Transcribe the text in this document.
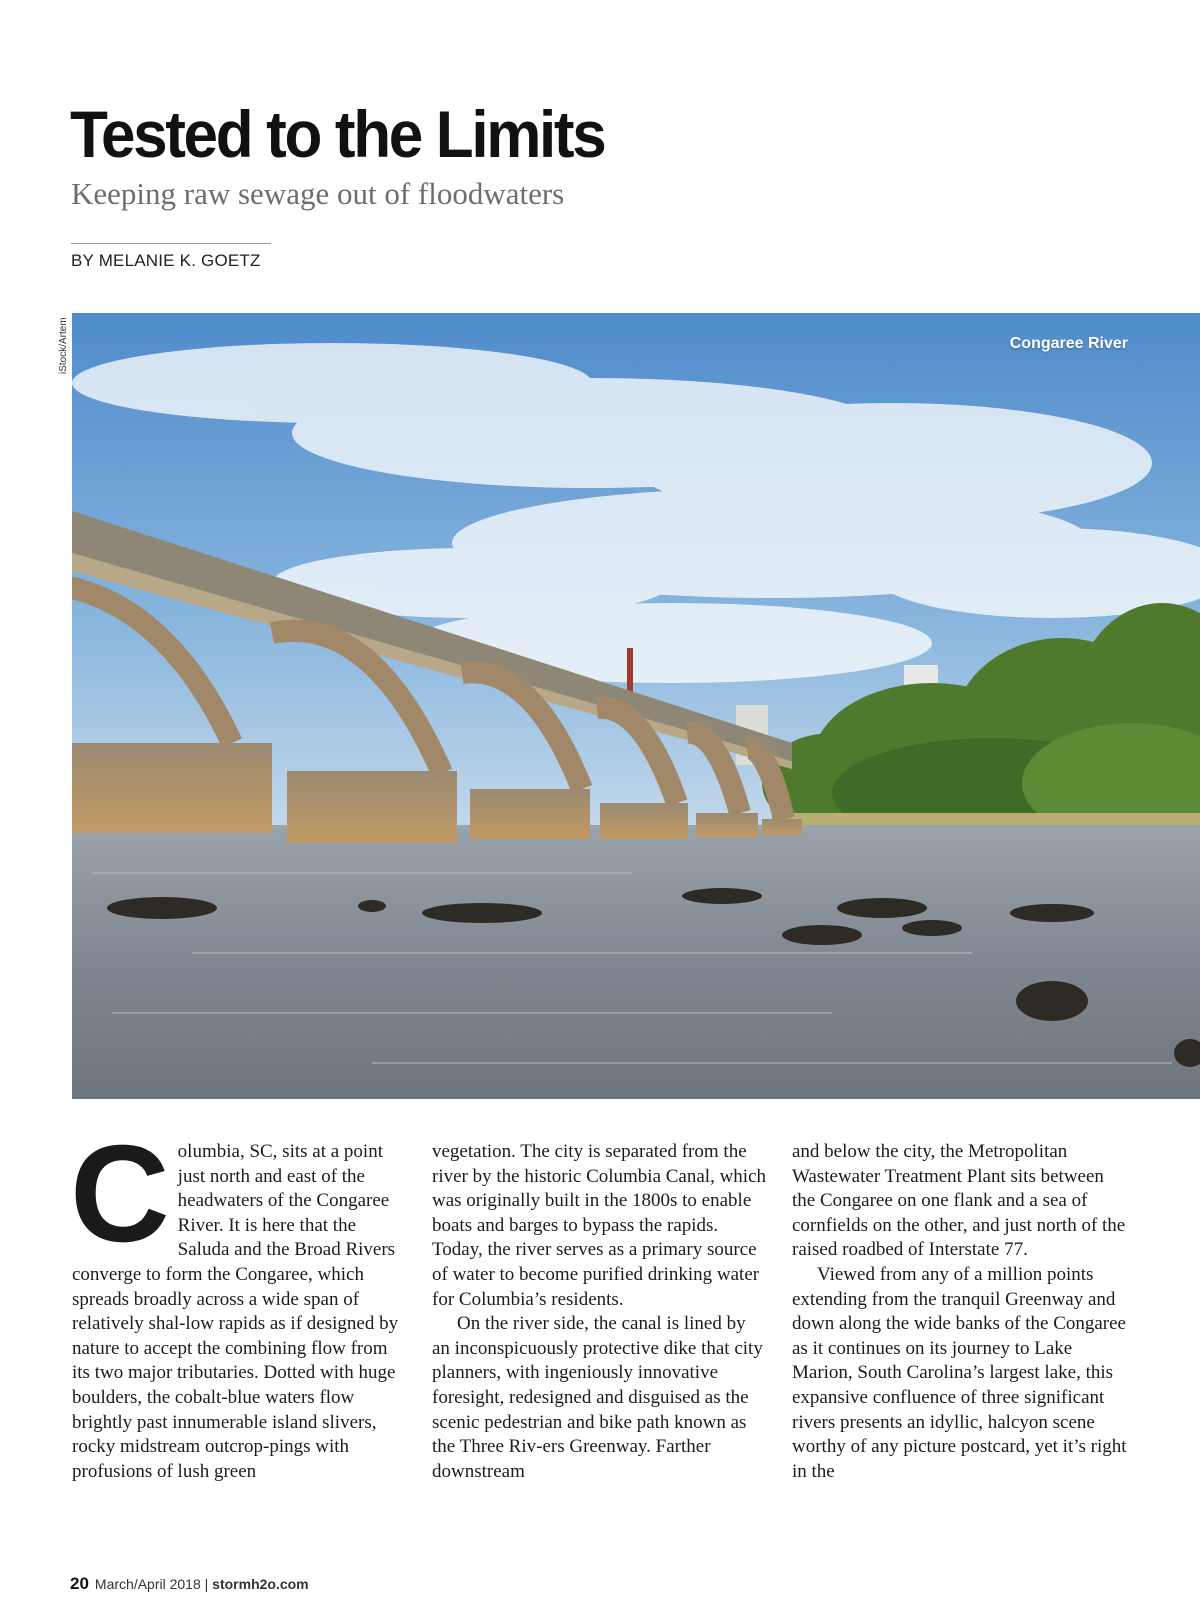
Tested to the Limits
Keeping raw sewage out of floodwaters
BY MELANIE K. GOETZ
iStock/Artem	Congaree River
C olumbia, SC, sits at a point just north and east of the headwaters of the Congaree River. It is here that the Saluda and the Broad Rivers converge to form the Congaree, which spreads broadly across a wide span of relatively shal-low rapids as if designed by nature to accept the combining flow from its two major tributaries. Dotted with huge boulders, the cobalt-blue waters flow brightly past innumerable island slivers, rocky midstream outcrop-pings with profusions of lush green

vegetation. The city is separated from the river by the historic Columbia Canal, which was originally built in the 1800s to enable boats and barges to bypass the rapids. Today, the river serves as a primary source of water to become purified drinking water for Columbia’s residents.

On the river side, the canal is lined by an inconspicuously protective dike that city planners, with ingeniously innovative foresight, redesigned and disguised as the scenic pedestrian and bike path known as the Three Riv-ers Greenway. Farther downstream

and below the city, the Metropolitan Wastewater Treatment Plant sits between the Congaree on one flank and a sea of cornfields on the other, and just north of the raised roadbed of Interstate 77.

Viewed from any of a million points extending from the tranquil Greenway and down along the wide banks of the Congaree as it continues on its journey to Lake Marion, South Carolina’s largest lake, this expansive confluence of three significant rivers presents an idyllic, halcyon scene worthy of any picture postcard, yet it’s right in the

20 March/April 2018 | stormh2o.com
